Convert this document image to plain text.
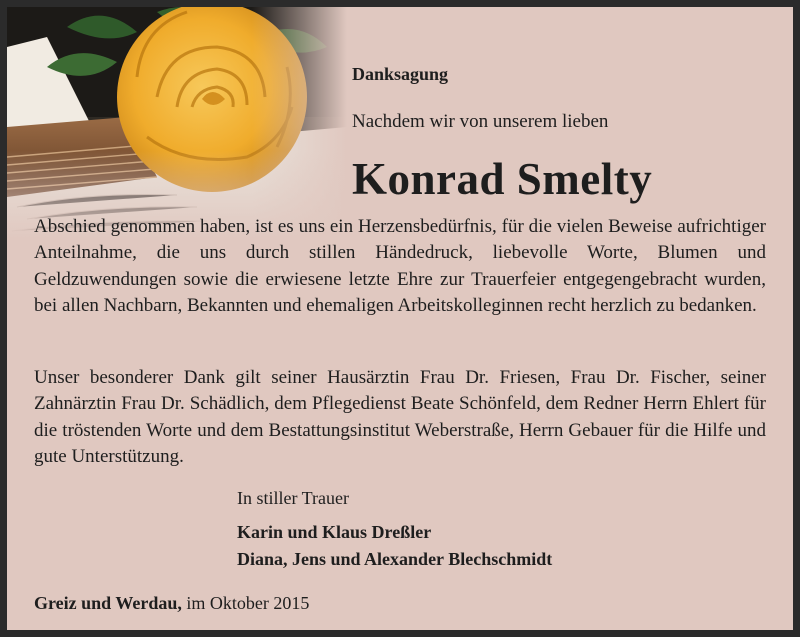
Danksagung
Nachdem wir von unserem lieben
Konrad Smelty
Abschied genommen haben, ist es uns ein Herzensbedürfnis, für die vielen Beweise aufrichtiger Anteilnahme, die uns durch stillen Händedruck, liebevolle Worte, Blumen und Geldzuwendungen sowie die erwiesene letzte Ehre zur Trauerfeier entgegengebracht wurden, bei allen Nachbarn, Bekannten und ehemaligen Arbeitskolleginnen recht herzlich zu bedanken.
Unser besonderer Dank gilt seiner Hausärztin Frau Dr. Friesen, Frau Dr. Fischer, seiner Zahnärztin Frau Dr. Schädlich, dem Pflegedienst Beate Schönfeld, dem Redner Herrn Ehlert für die tröstenden Worte und dem Bestattungsinstitut Weberstraße, Herrn Gebauer für die Hilfe und gute Unterstützung.
In stiller Trauer
Karin und Klaus Dreßler
Diana, Jens und Alexander Blechschmidt
Greiz und Werdau, im Oktober 2015
